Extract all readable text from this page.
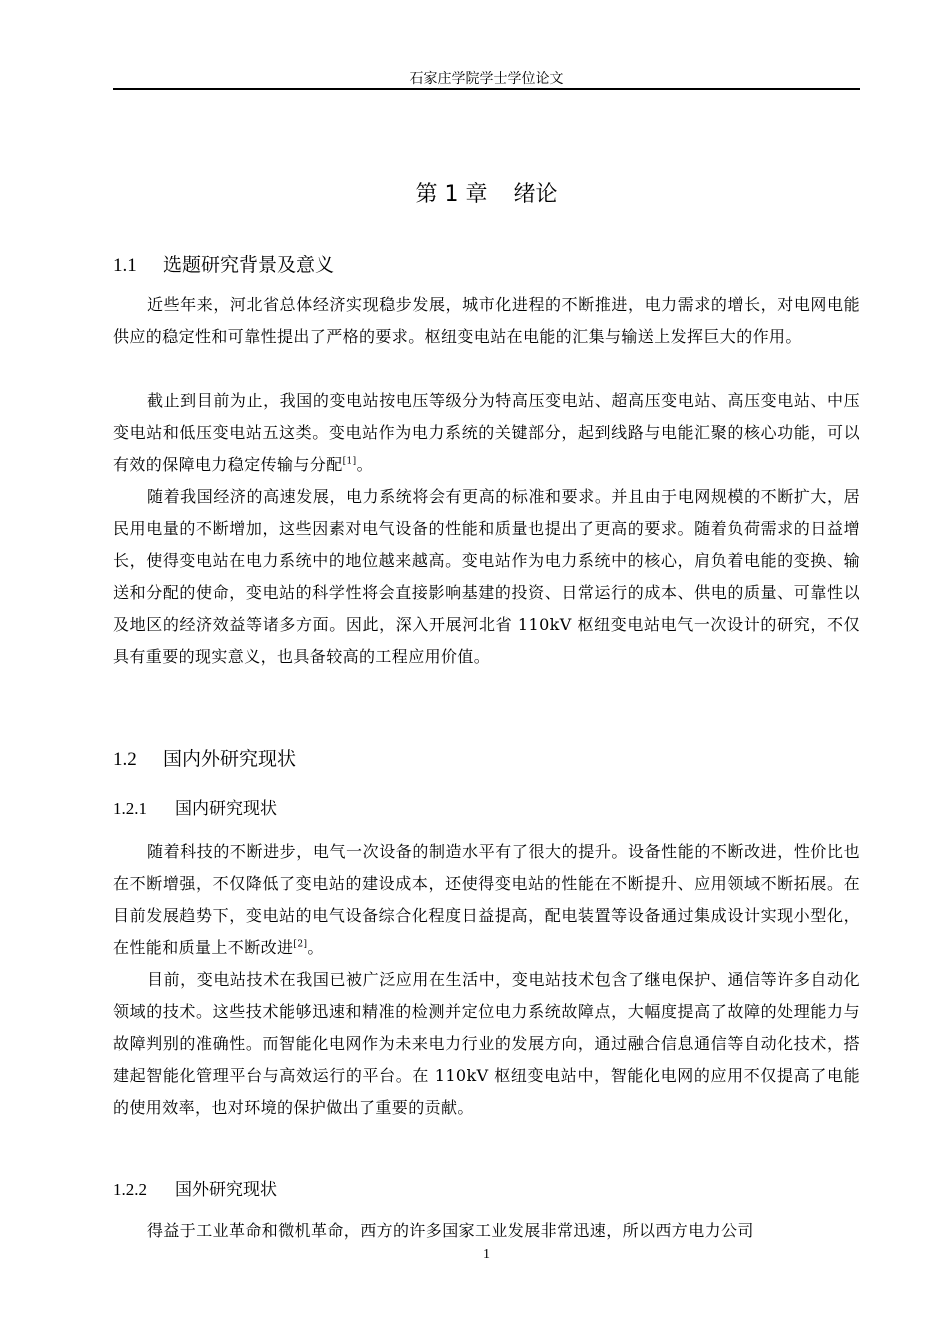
石家庄学院学士学位论文
第 1 章 绪论
1.1 选题研究背景及意义

近些年来，河北省总体经济实现稳步发展，城市化进程的不断推进，电力需求的增长，对电网电能供应的稳定性和可靠性提出了严格的要求。枢纽变电站在电能的汇集与输送上发挥巨大的作用。

截止到目前为止，我国的变电站按电压等级分为特高压变电站、超高压变电站、高压变电站、中压变电站和低压变电站五这类。变电站作为电力系统的关键部分，起到线路与电能汇聚的核心功能，可以有效的保障电力稳定传输与分配[1]。

随着我国经济的高速发展，电力系统将会有更高的标准和要求。并且由于电网规模的不断扩大，居民用电量的不断增加，这些因素对电气设备的性能和质量也提出了更高的要求。随着负荷需求的日益增长，使得变电站在电力系统中的地位越来越高。变电站作为电力系统中的核心，肩负着电能的变换、输送和分配的使命，变电站的科学性将会直接影响基建的投资、日常运行的成本、供电的质量、可靠性以及地区的经济效益等诸多方面。因此，深入开展河北省 110kV 枢纽变电站电气一次设计的研究，不仅具有重要的现实意义，也具备较高的工程应用价值。

1.2 国内外研究现状
1.2.1 国内研究现状

随着科技的不断进步，电气一次设备的制造水平有了很大的提升。设备性能的不断改进，性价比也在不断增强，不仅降低了变电站的建设成本，还使得变电站的性能在不断提升、应用领域不断拓展。在目前发展趋势下，变电站的电气设备综合化程度日益提高，配电装置等设备通过集成设计实现小型化，在性能和质量上不断改进[2]。

目前，变电站技术在我国已被广泛应用在生活中，变电站技术包含了继电保护、通信等许多自动化领域的技术。这些技术能够迅速和精准的检测并定位电力系统故障点，大幅度提高了故障的处理能力与故障判别的准确性。而智能化电网作为未来电力行业的发展方向，通过融合信息通信等自动化技术，搭建起智能化管理平台与高效运行的平台。在 110kV 枢纽变电站中，智能化电网的应用不仅提高了电能的使用效率，也对环境的保护做出了重要的贡献。

1.2.2 国外研究现状

得益于工业革命和微机革命，西方的许多国家工业发展非常迅速，所以西方电力公司

1
